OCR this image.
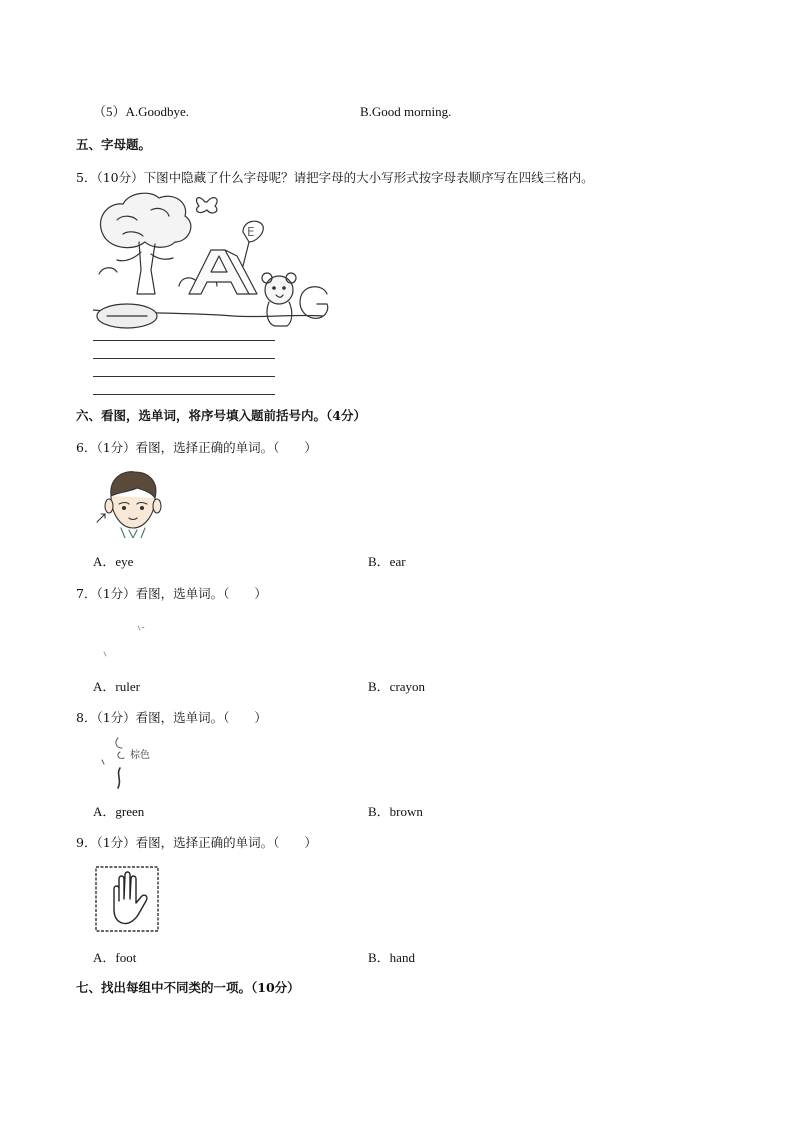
（5）A.Goodbye.	B.Good morning.
五、字母题。
5．（10分）下图中隐藏了什么字母呢？请把字母的大小写形式按字母表顺序写在四线三格内。
E
六、看图，选单词，将序号填入题前括号内。（4分）
6．（1分）看图，选择正确的单词。（　　）
A．eye	B．ear
7．（1分）看图，选单词。（　　）
A．ruler	B．crayon
8．（1分）看图，选单词。（　　）
棕色
A．green	B．brown
9．（1分）看图，选择正确的单词。（　　）
A．foot	B．hand
七、找出每组中不同类的一项。（10分）
